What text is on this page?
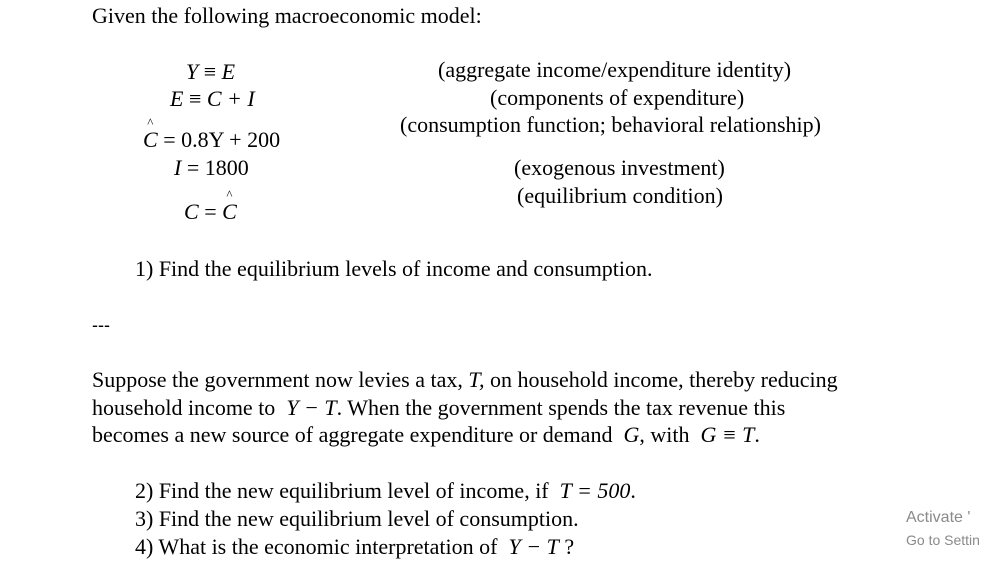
Given the following macroeconomic model:
Y ≡ E
E ≡ C + I
^ C = 0.8Y + 200
I = 1800
C = ^ C
(aggregate income/expenditure identity)
(components of expenditure)
(consumption function; behavioral relationship)
(exogenous investment)
(equilibrium condition)
1) Find the equilibrium levels of income and consumption.
---
Suppose the government now levies a tax, T, on household income, thereby reducing
household income to Y − T. When the government spends the tax revenue this
becomes a new source of aggregate expenditure or demand G, with G ≡ T.
2) Find the new equilibrium level of income, if T = 500.
3) Find the new equilibrium level of consumption.
4) What is the economic interpretation of Y − T ?
Activate '
Go to Settin
